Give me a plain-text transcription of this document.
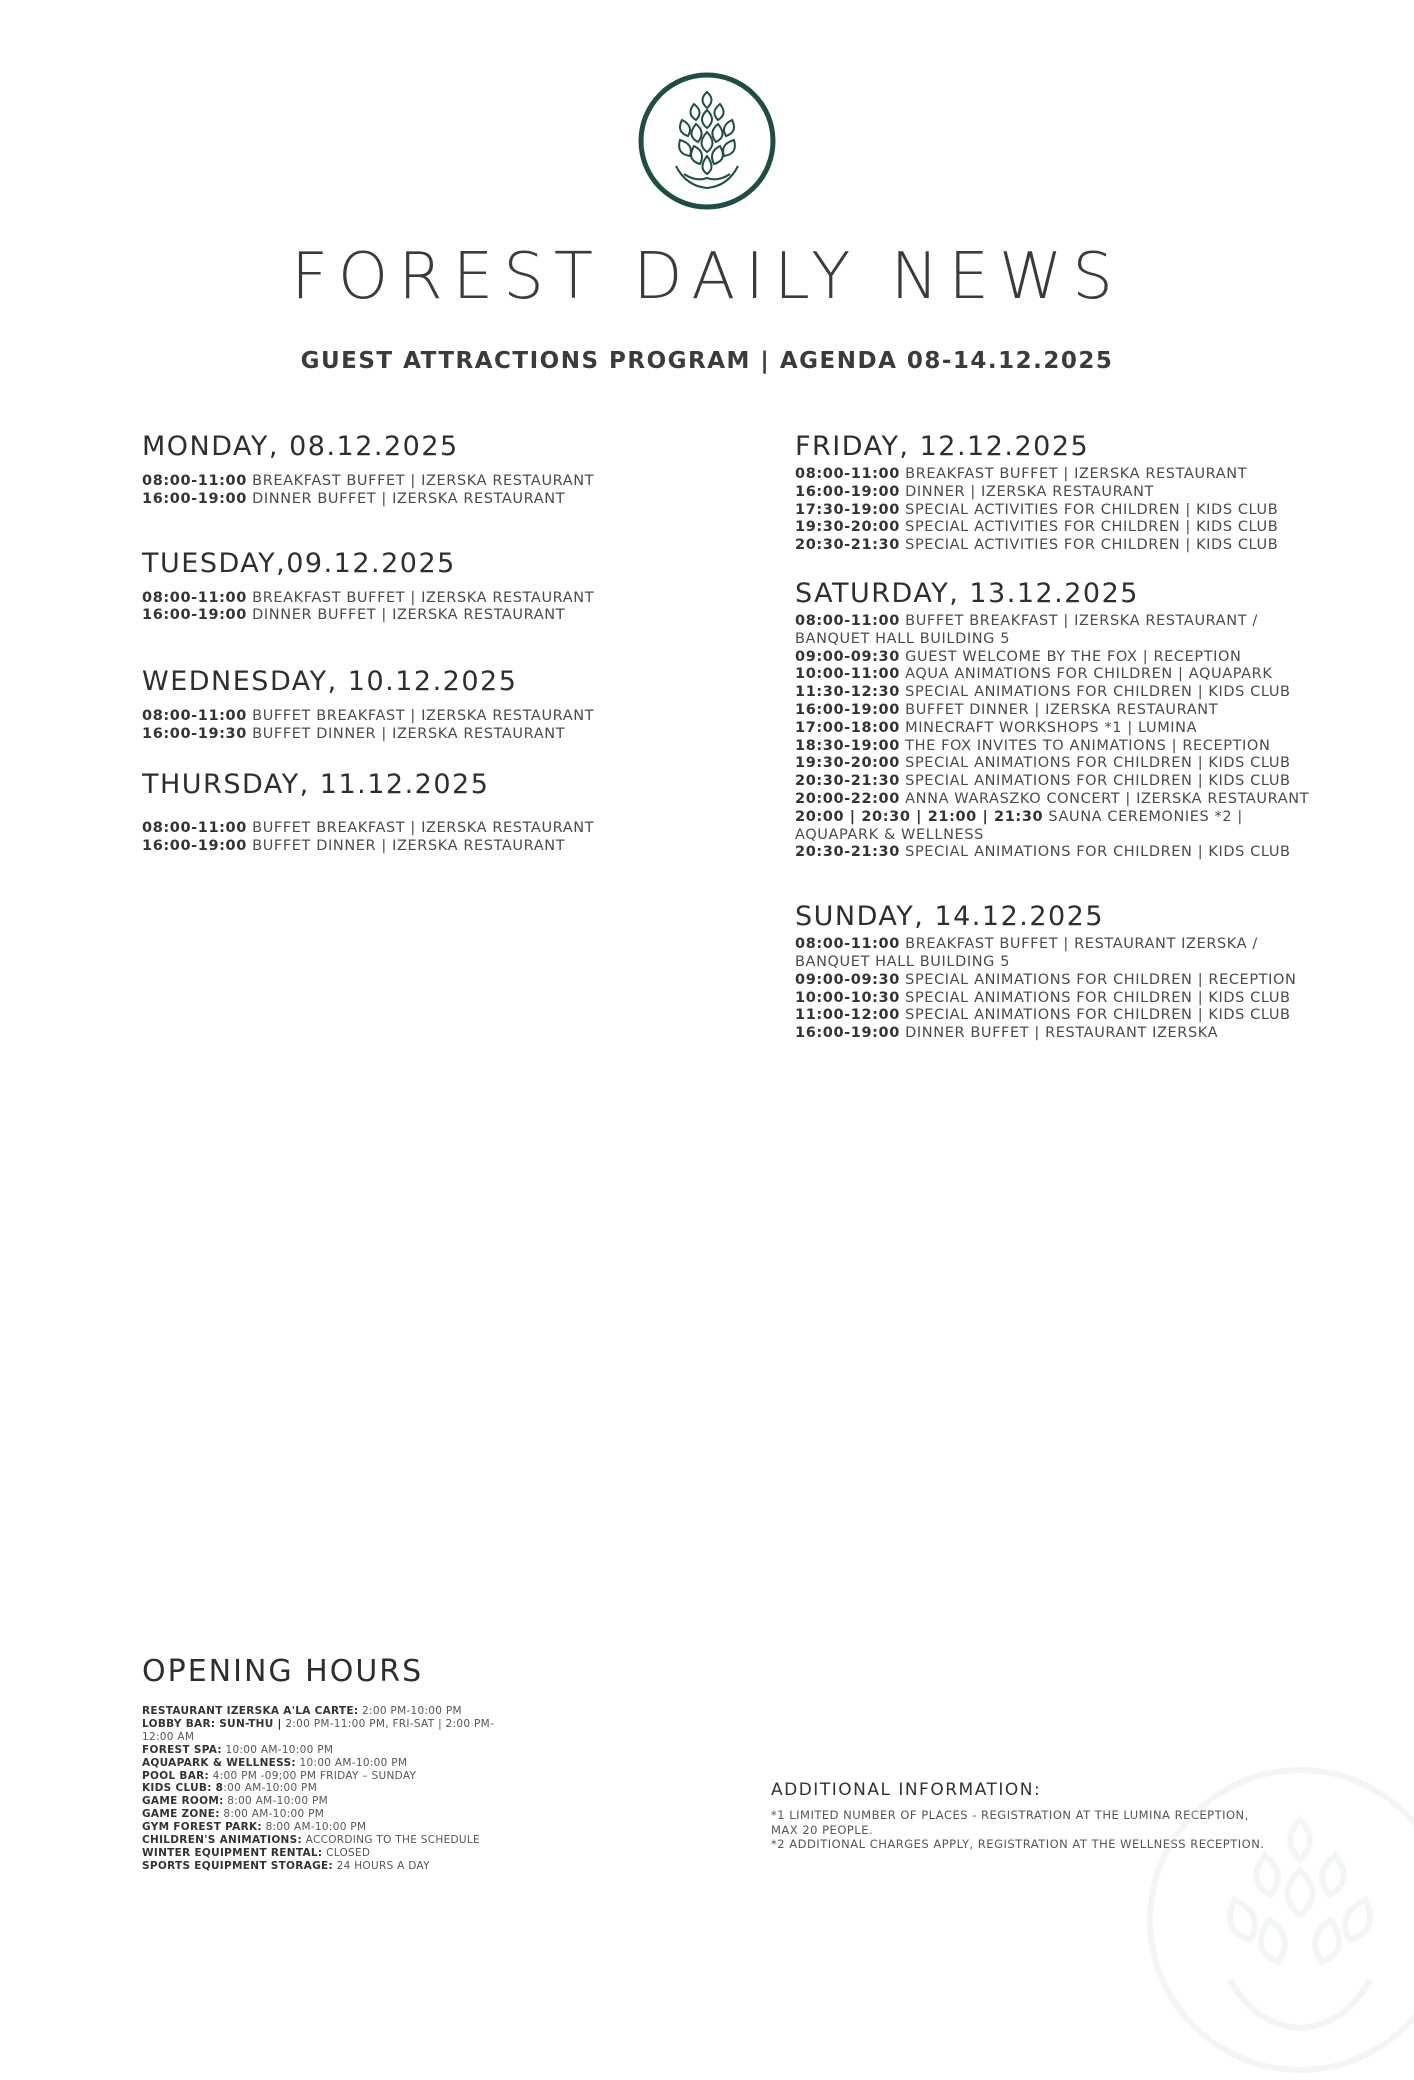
FOREST DAILY NEWS
GUEST ATTRACTIONS PROGRAM | AGENDA 08-14.12.2025
MONDAY, 08.12.2025
08:00-11:00 BREAKFAST BUFFET | IZERSKA RESTAURANT
16:00-19:00 DINNER BUFFET | IZERSKA RESTAURANT
TUESDAY,09.12.2025
08:00-11:00 BREAKFAST BUFFET | IZERSKA RESTAURANT
16:00-19:00 DINNER BUFFET | IZERSKA RESTAURANT
WEDNESDAY, 10.12.2025
08:00-11:00 BUFFET BREAKFAST | IZERSKA RESTAURANT
16:00-19:30 BUFFET DINNER | IZERSKA RESTAURANT
THURSDAY, 11.12.2025
08:00-11:00 BUFFET BREAKFAST | IZERSKA RESTAURANT
16:00-19:00 BUFFET DINNER | IZERSKA RESTAURANT
FRIDAY, 12.12.2025
08:00-11:00 BREAKFAST BUFFET | IZERSKA RESTAURANT
16:00-19:00 DINNER | IZERSKA RESTAURANT
17:30-19:00 SPECIAL ACTIVITIES FOR CHILDREN | KIDS CLUB
19:30-20:00 SPECIAL ACTIVITIES FOR CHILDREN | KIDS CLUB
20:30-21:30 SPECIAL ACTIVITIES FOR CHILDREN | KIDS CLUB
SATURDAY, 13.12.2025
08:00-11:00 BUFFET BREAKFAST | IZERSKA RESTAURANT / BANQUET HALL BUILDING 5
09:00-09:30 GUEST WELCOME BY THE FOX | RECEPTION
10:00-11:00 AQUA ANIMATIONS FOR CHILDREN | AQUAPARK
11:30-12:30 SPECIAL ANIMATIONS FOR CHILDREN | KIDS CLUB
16:00-19:00 BUFFET DINNER | IZERSKA RESTAURANT
17:00-18:00 MINECRAFT WORKSHOPS *1 | LUMINA
18:30-19:00 THE FOX INVITES TO ANIMATIONS | RECEPTION
19:30-20:00 SPECIAL ANIMATIONS FOR CHILDREN | KIDS CLUB
20:30-21:30 SPECIAL ANIMATIONS FOR CHILDREN | KIDS CLUB
20:00-22:00 ANNA WARASZKO CONCERT | IZERSKA RESTAURANT
20:00 | 20:30 | 21:00 | 21:30 SAUNA CEREMONIES *2 | AQUAPARK & WELLNESS
20:30-21:30 SPECIAL ANIMATIONS FOR CHILDREN | KIDS CLUB
SUNDAY, 14.12.2025
08:00-11:00 BREAKFAST BUFFET | RESTAURANT IZERSKA / BANQUET HALL BUILDING 5
09:00-09:30 SPECIAL ANIMATIONS FOR CHILDREN | RECEPTION
10:00-10:30 SPECIAL ANIMATIONS FOR CHILDREN | KIDS CLUB
11:00-12:00 SPECIAL ANIMATIONS FOR CHILDREN | KIDS CLUB
16:00-19:00 DINNER BUFFET | RESTAURANT IZERSKA
OPENING HOURS
RESTAURANT IZERSKA A'LA CARTE: 2:00 PM-10:00 PM
LOBBY BAR: SUN-THU | 2:00 PM-11:00 PM, FRI-SAT | 2:00 PM-12:00 AM
FOREST SPA: 10:00 AM-10:00 PM
AQUAPARK & WELLNESS: 10:00 AM-10:00 PM
POOL BAR: 4:00 PM -09;00 PM FRIDAY – SUNDAY
KIDS CLUB: 8:00 AM-10:00 PM
GAME ROOM: 8:00 AM-10:00 PM
GAME ZONE: 8:00 AM-10:00 PM
GYM FOREST PARK: 8:00 AM-10:00 PM
CHILDREN'S ANIMATIONS: ACCORDING TO THE SCHEDULE
WINTER EQUIPMENT RENTAL: CLOSED
SPORTS EQUIPMENT STORAGE: 24 HOURS A DAY
ADDITIONAL INFORMATION:
*1 LIMITED NUMBER OF PLACES - REGISTRATION AT THE LUMINA RECEPTION, MAX 20 PEOPLE.
*2 ADDITIONAL CHARGES APPLY, REGISTRATION AT THE WELLNESS RECEPTION.
